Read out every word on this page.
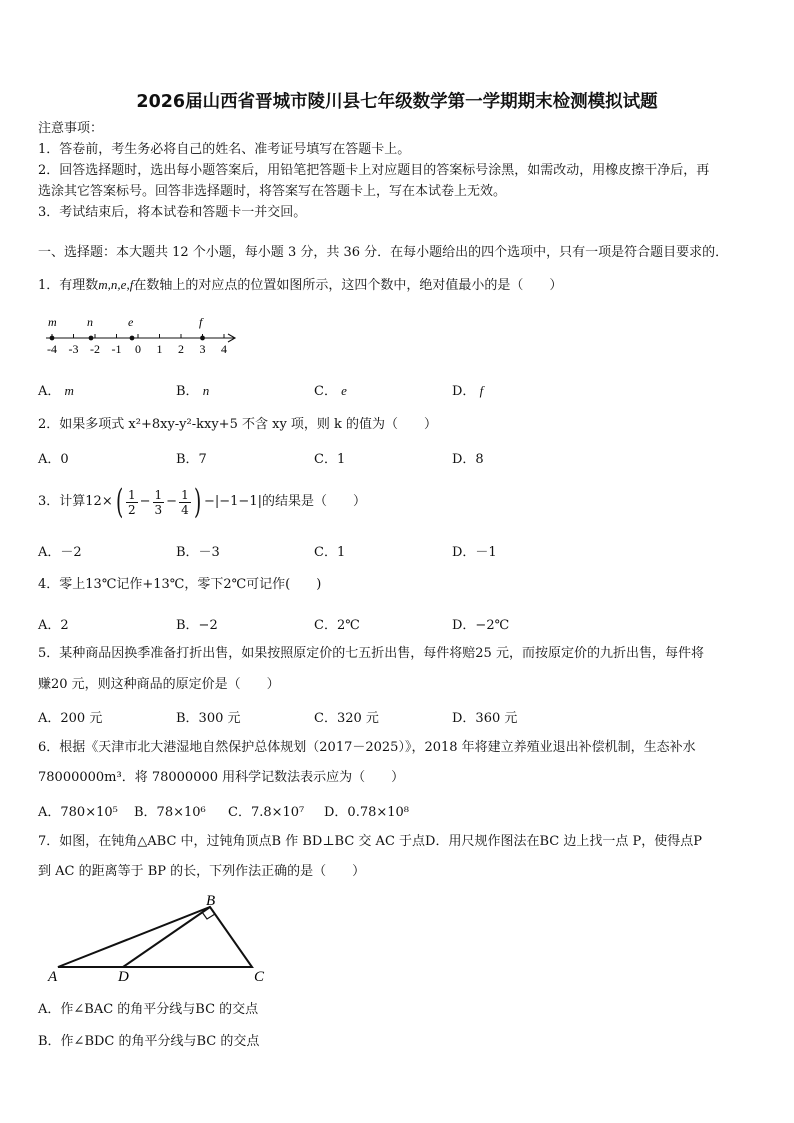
2026届山西省晋城市陵川县七年级数学第一学期期末检测模拟试题
注意事项：
1．答卷前，考生务必将自己的姓名、准考证号填写在答题卡上。
2．回答选择题时，选出每小题答案后，用铅笔把答题卡上对应题目的答案标号涂黑，如需改动，用橡皮擦干净后，再
选涂其它答案标号。回答非选择题时，将答案写在答题卡上，写在本试卷上无效。
3．考试结束后，将本试卷和答题卡一并交回。
一、选择题：本大题共 12 个小题，每小题 3 分，共 36 分．在每小题给出的四个选项中，只有一项是符合题目要求的．
1．有理数m,n,e,f在数轴上的对应点的位置如图所示，这四个数中，绝对值最小的是（　　）
m	n	e	f
-4 -3 -2 -1 0 1 2 3 4
A． m	B． n	C． e	D． f
2．如果多项式 x²+8xy-y²-kxy+5 不含 xy 项，则 k 的值为（　　）
A．0	B．7	C．1	D．8
3．计算 12× ( $\frac{1}{2} - \frac{1}{3} - \frac{1}{4}$ ) −|−1−1| 的结果是（　　）
A．－2	B．－3	C．1	D．－1
4．零上13℃记作+13℃，零下2℃可记作(　　)
A．2	B．−2	C．2℃	D．−2℃
5．某种商品因换季准备打折出售，如果按照原定价的七五折出售，每件将赔25 元，而按原定价的九折出售，每件将
赚20 元，则这种商品的原定价是（　　）
A．200 元	B．300 元	C．320 元	D．360 元
6．根据《天津市北大港湿地自然保护总体规划（2017－2025）》，2018 年将建立养殖业退出补偿机制，生态补水
78000000m³．将 78000000 用科学记数法表示应为（　　）
A．780×10⁵ B．78×10⁶ C．7.8×10⁷ D．0.78×10⁸
7．如图，在钝角△ABC 中，过钝角顶点B 作 BD⊥BC 交 AC 于点D．用尺规作图法在BC 边上找一点 P，使得点P
到 AC 的距离等于 BP 的长，下列作法正确的是（　　）
A
B
C
D
A．作∠BAC 的角平分线与BC 的交点
B．作∠BDC 的角平分线与BC 的交点
